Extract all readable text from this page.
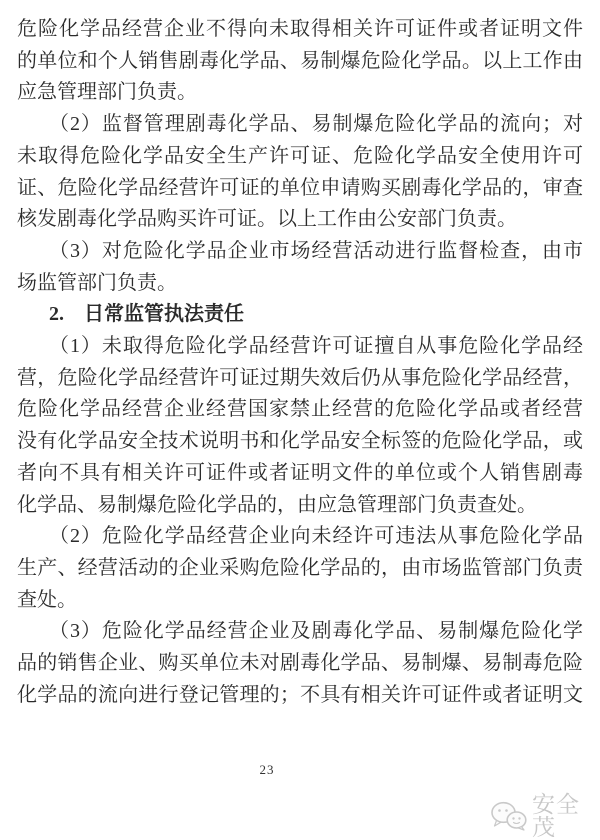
危险化学品经营企业不得向未取得相关许可证件或者证明文件
的单位和个人销售剧毒化学品、易制爆危险化学品。以上工作由
应急管理部门负责。
（2）监督管理剧毒化学品、易制爆危险化学品的流向；对
未取得危险化学品安全生产许可证、危险化学品安全使用许可
证、危险化学品经营许可证的单位申请购买剧毒化学品的，审查
核发剧毒化学品购买许可证。以上工作由公安部门负责。
（3）对危险化学品企业市场经营活动进行监督检查，由市
场监管部门负责。
2.　日常监管执法责任
（1）未取得危险化学品经营许可证擅自从事危险化学品经
营，危险化学品经营许可证过期失效后仍从事危险化学品经营，
危险化学品经营企业经营国家禁止经营的危险化学品或者经营
没有化学品安全技术说明书和化学品安全标签的危险化学品，或
者向不具有相关许可证件或者证明文件的单位或个人销售剧毒
化学品、易制爆危险化学品的，由应急管理部门负责查处。
（2）危险化学品经营企业向未经许可违法从事危险化学品
生产、经营活动的企业采购危险化学品的，由市场监管部门负责
查处。
（3）危险化学品经营企业及剧毒化学品、易制爆危险化学
品的销售企业、购买单位未对剧毒化学品、易制爆、易制毒危险
化学品的流向进行登记管理的；不具有相关许可证件或者证明文
23
安全茂
